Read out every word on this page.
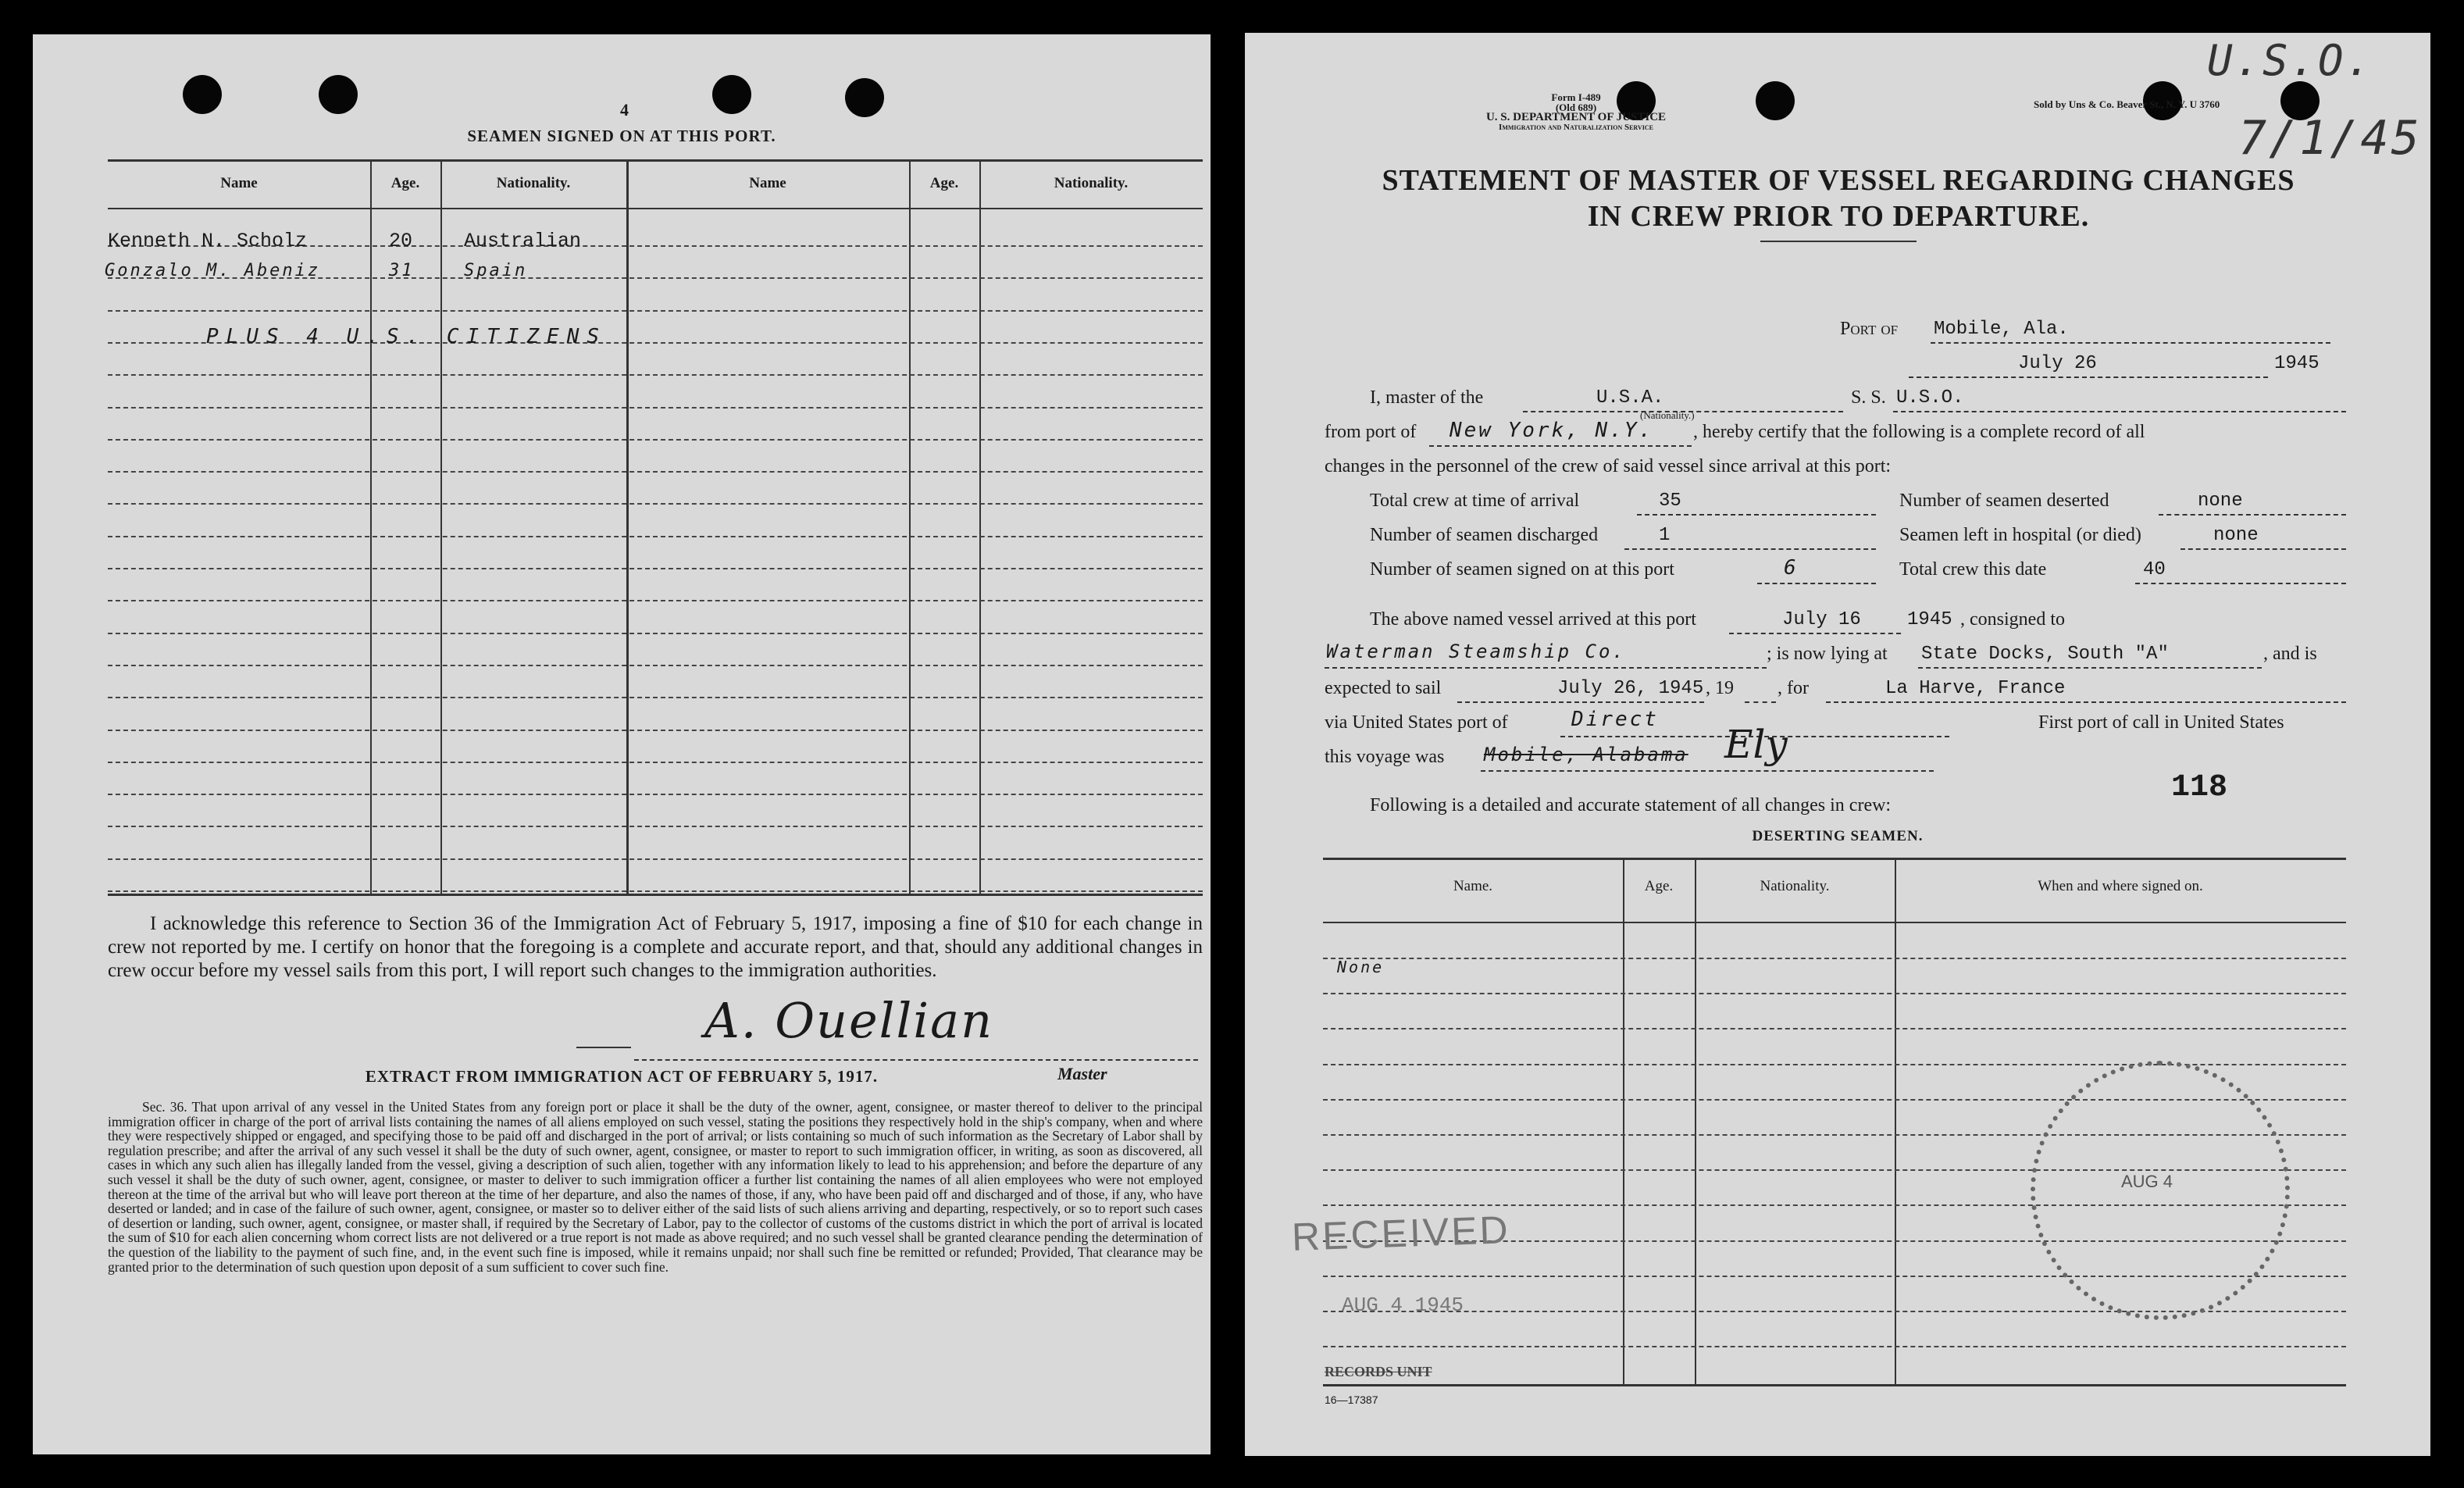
4
SEAMEN SIGNED ON AT THIS PORT.
Name	Age.	Nationality.	Name	Age.	Nationality.
Kenneth N. Scholz	20	Australian
Gonzalo M. Abeniz	31	Spain
PLUS 4 U.S. CITIZENS
I acknowledge this reference to Section 36 of the Immigration Act of February 5, 1917, imposing a fine of $10 for each change in crew not reported by me. I certify on honor that the foregoing is a complete and accurate report, and that, should any additional changes in crew occur before my vessel sails from this port, I will report such changes to the immigration authorities.
A. Ouellian
Master
EXTRACT FROM IMMIGRATION ACT OF FEBRUARY 5, 1917.
Sec. 36. That upon arrival of any vessel in the United States from any foreign port or place it shall be the duty of the owner, agent, consignee, or master thereof to deliver to the principal immigration officer in charge of the port of arrival lists containing the names of all aliens employed on such vessel, stating the positions they respectively hold in the ship's company, when and where they were respectively shipped or engaged, and specifying those to be paid off and discharged in the port of arrival; or lists containing so much of such information as the Secretary of Labor shall by regulation prescribe; and after the arrival of any such vessel it shall be the duty of such owner, agent, consignee, or master to report to such immigration officer, in writing, as soon as discovered, all cases in which any such alien has illegally landed from the vessel, giving a description of such alien, together with any information likely to lead to his apprehension; and before the departure of any such vessel it shall be the duty of such owner, agent, consignee, or master to deliver to such immigration officer a further list containing the names of all alien employees who were not employed thereon at the time of the arrival but who will leave port thereon at the time of her departure, and also the names of those, if any, who have been paid off and discharged and of those, if any, who have deserted or landed; and in case of the failure of such owner, agent, consignee, or master so to deliver either of the said lists of such aliens arriving and departing, respectively, or so to report such cases of desertion or landing, such owner, agent, consignee, or master shall, if required by the Secretary of Labor, pay to the collector of customs of the customs district in which the port of arrival is located the sum of $10 for each alien concerning whom correct lists are not delivered or a true report is not made as above required; and no such vessel shall be granted clearance pending the determination of the question of the liability to the payment of such fine, and, in the event such fine is imposed, while it remains unpaid; nor shall such fine be remitted or refunded; Provided, That clearance may be granted prior to the determination of such question upon deposit of a sum sufficient to cover such fine.
Form I-489
(Old 689)
U. S. DEPARTMENT OF JUSTICE
Immigration and Naturalization Service
Sold by Uns & Co. Beaver St., N. Y. U 3760
U.S.O.
7/1/45
STATEMENT OF MASTER OF VESSEL REGARDING CHANGES
IN CREW PRIOR TO DEPARTURE.
Port of Mobile, Ala.
July 26	1945
I, master of the	U.S.A.
(Nationality.)
S. S. U.S.O.
from port of New York, N.Y. , hereby certify that the following is a complete record of all
changes in the personnel of the crew of said vessel since arrival at this port:
Total crew at time of arrival	35
Number of seamen discharged	1
Number of seamen signed on at this port	6
Number of seamen deserted	none
Seamen left in hospital (or died)	none
Total crew this date	40
The above named vessel arrived at this port	July 16 1945 , consigned to
Waterman Steamship Co.	; is now lying at State Docks, South "A"	, and is
expected to sail	July 26, 1945 , 19 , for	La Harve, France
via United States port of	Direct	First port of call in United States
this voyage was Mobile, Alabama Ely
118
Following is a detailed and accurate statement of all changes in crew:
DESERTING SEAMEN.
Name.	Age.	Nationality.	When and where signed on.
None
RECEIVED
AUG 4 1945
RECORDS UNIT
AUG 4
16—17387
